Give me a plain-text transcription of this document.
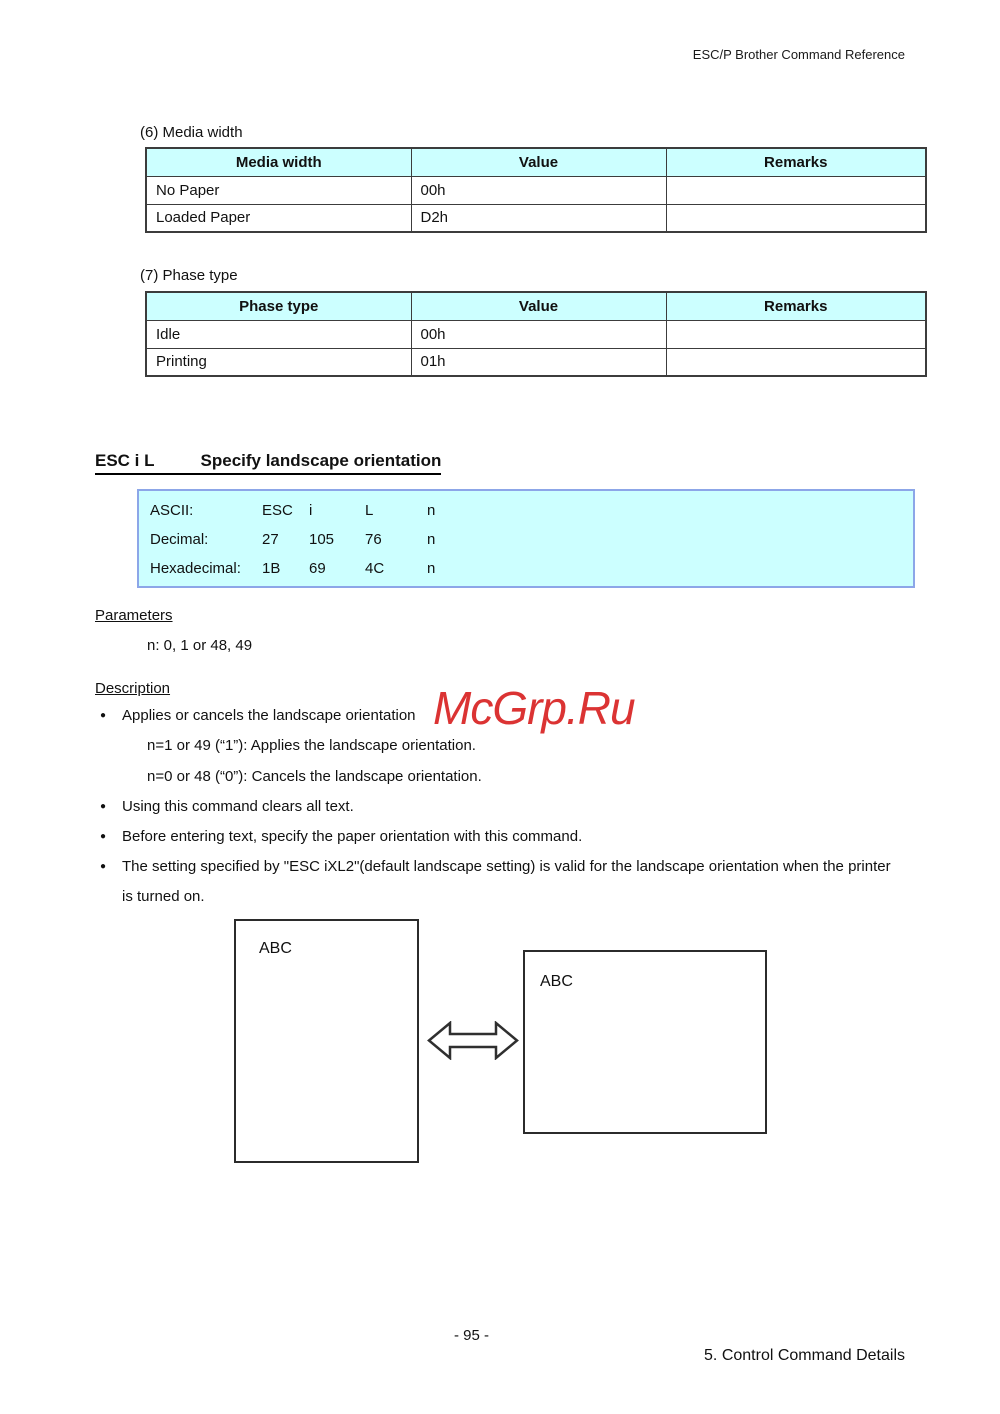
ESC/P Brother Command Reference
(6) Media width
Media width	Value	Remarks
No Paper	00h	
Loaded Paper	D2h	
(7) Phase type
Phase type	Value	Remarks
Idle	00h	
Printing	01h	
ESC i L	Specify landscape orientation
ASCII:	ESC	i	L	n
Decimal:	27	105	76	n
Hexadecimal:	1B	69	4C	n
Parameters
n: 0, 1 or 48, 49
Description
●	Applies or cancels the landscape orientation
n=1 or 49 (“1”): Applies the landscape orientation.
n=0 or 48 (“0”): Cancels the landscape orientation.
●	Using this command clears all text.
●	Before entering text, specify the paper orientation with this command.
●	The setting specified by "ESC iXL2"(default landscape setting) is valid for the landscape orientation when the printer is turned on.
McGrp.Ru
ABC
ABC
- 95 -
5. Control Command Details
